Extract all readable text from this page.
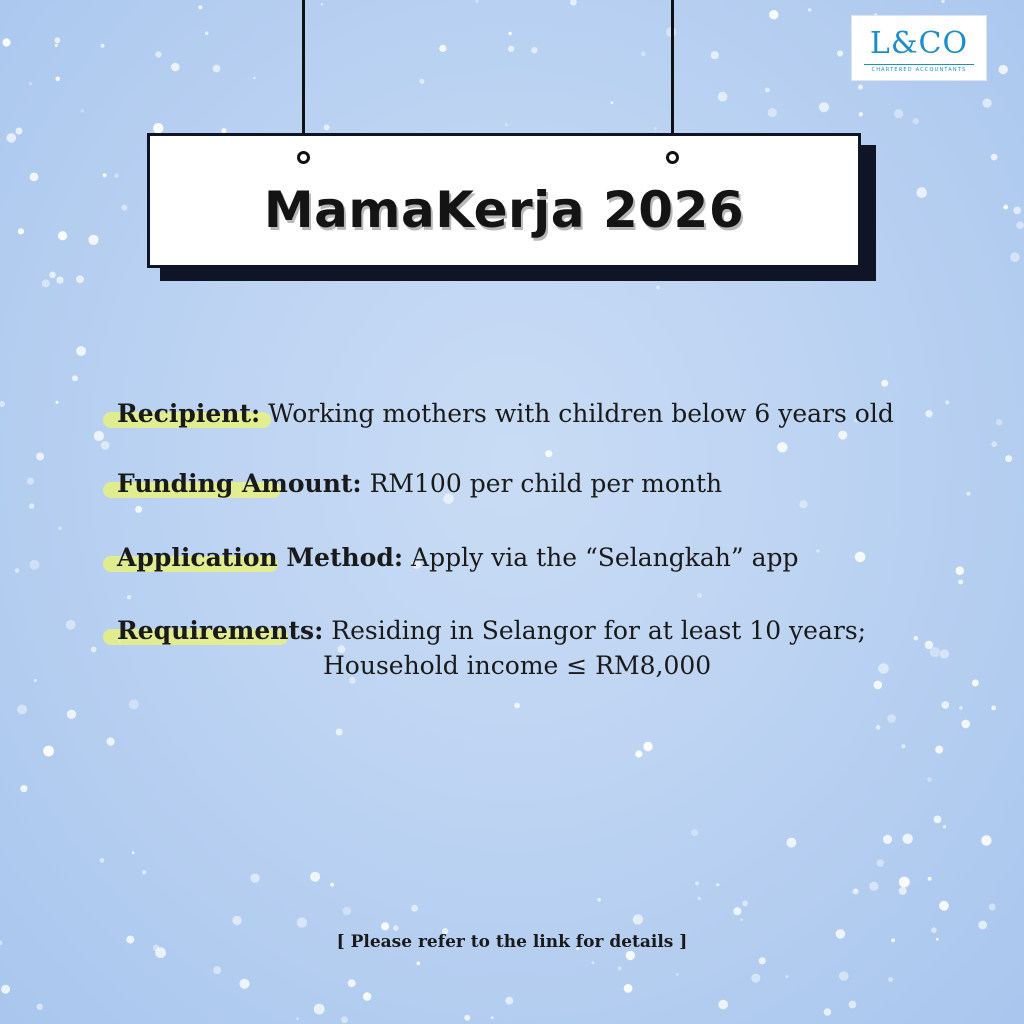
L&CO
CHARTERED ACCOUNTANTS
MamaKerja 2026
Recipient: Working mothers with children below 6 years old
Funding Amount: RM100 per child per month
Application Method: Apply via the “Selangkah” app
Requirements: Residing in Selangor for at least 10 years;
Household income ≤ RM8,000
[ Please refer to the link for details ]
